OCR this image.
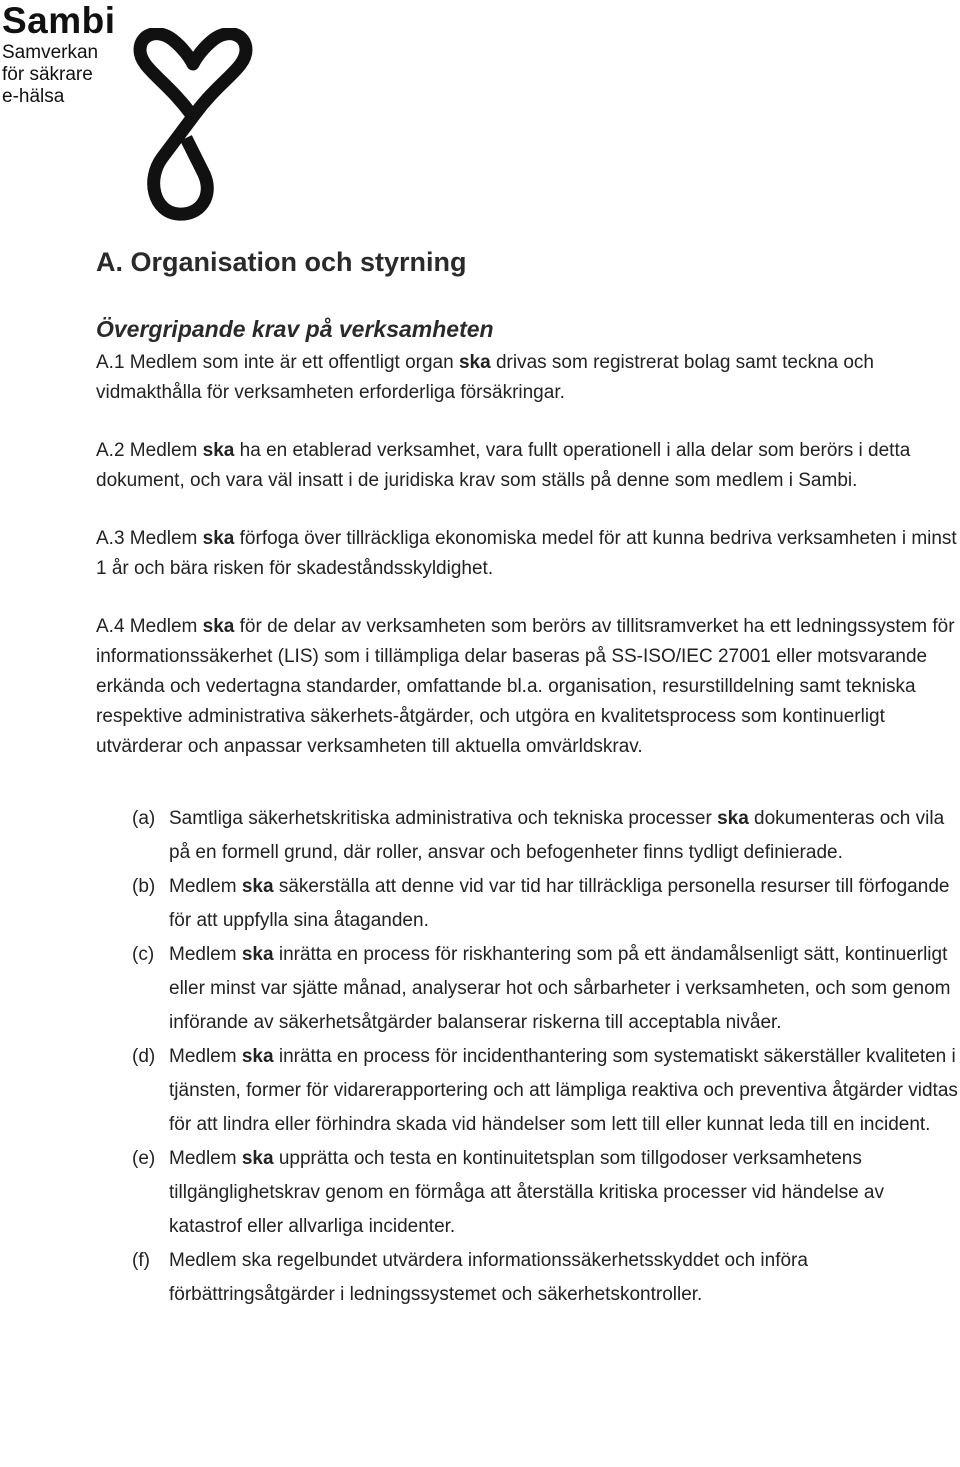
Sambi
Samverkan
för säkrare
e-hälsa
A. Organisation och styrning
Övergripande krav på verksamheten

A.1 Medlem som inte är ett offentligt organ ska drivas som registrerat bolag samt teckna och vidmakthålla för verksamheten erforderliga försäkringar.

A.2 Medlem ska ha en etablerad verksamhet, vara fullt operationell i alla delar som berörs i detta dokument, och vara väl insatt i de juridiska krav som ställs på denne som medlem i Sambi.

A.3 Medlem ska förfoga över tillräckliga ekonomiska medel för att kunna bedriva verksamheten i minst 1 år och bära risken för skadeståndsskyldighet.

A.4 Medlem ska för de delar av verksamheten som berörs av tillitsramverket ha ett ledningssystem för informationssäkerhet (LIS) som i tillämpliga delar baseras på SS-ISO/IEC 27001 eller motsvarande erkända och vedertagna standarder, omfattande bl.a. organisation, resurstilldelning samt tekniska respektive administrativa säkerhets-åtgärder, och utgöra en kvalitetsprocess som kontinuerligt utvärderar och anpassar verksamheten till aktuella omvärldskrav.

(a) Samtliga säkerhetskritiska administrativa och tekniska processer ska dokumenteras och vila på en formell grund, där roller, ansvar och befogenheter finns tydligt definierade.
(b) Medlem ska säkerställa att denne vid var tid har tillräckliga personella resurser till förfogande för att uppfylla sina åtaganden.
(c) Medlem ska inrätta en process för riskhantering som på ett ändamålsenligt sätt, kontinuerligt eller minst var sjätte månad, analyserar hot och sårbarheter i verksamheten, och som genom införande av säkerhetsåtgärder balanserar riskerna till acceptabla nivåer.
(d) Medlem ska inrätta en process för incidenthantering som systematiskt säkerställer kvaliteten i tjänsten, former för vidarerapportering och att lämpliga reaktiva och preventiva åtgärder vidtas för att lindra eller förhindra skada vid händelser som lett till eller kunnat leda till en incident.
(e) Medlem ska upprätta och testa en kontinuitetsplan som tillgodoser verksamhetens tillgänglighetskrav genom en förmåga att återställa kritiska processer vid händelse av katastrof eller allvarliga incidenter.
(f) Medlem ska regelbundet utvärdera informationssäkerhetsskyddet och införa förbättringsåtgärder i ledningssystemet och säkerhetskontroller.
